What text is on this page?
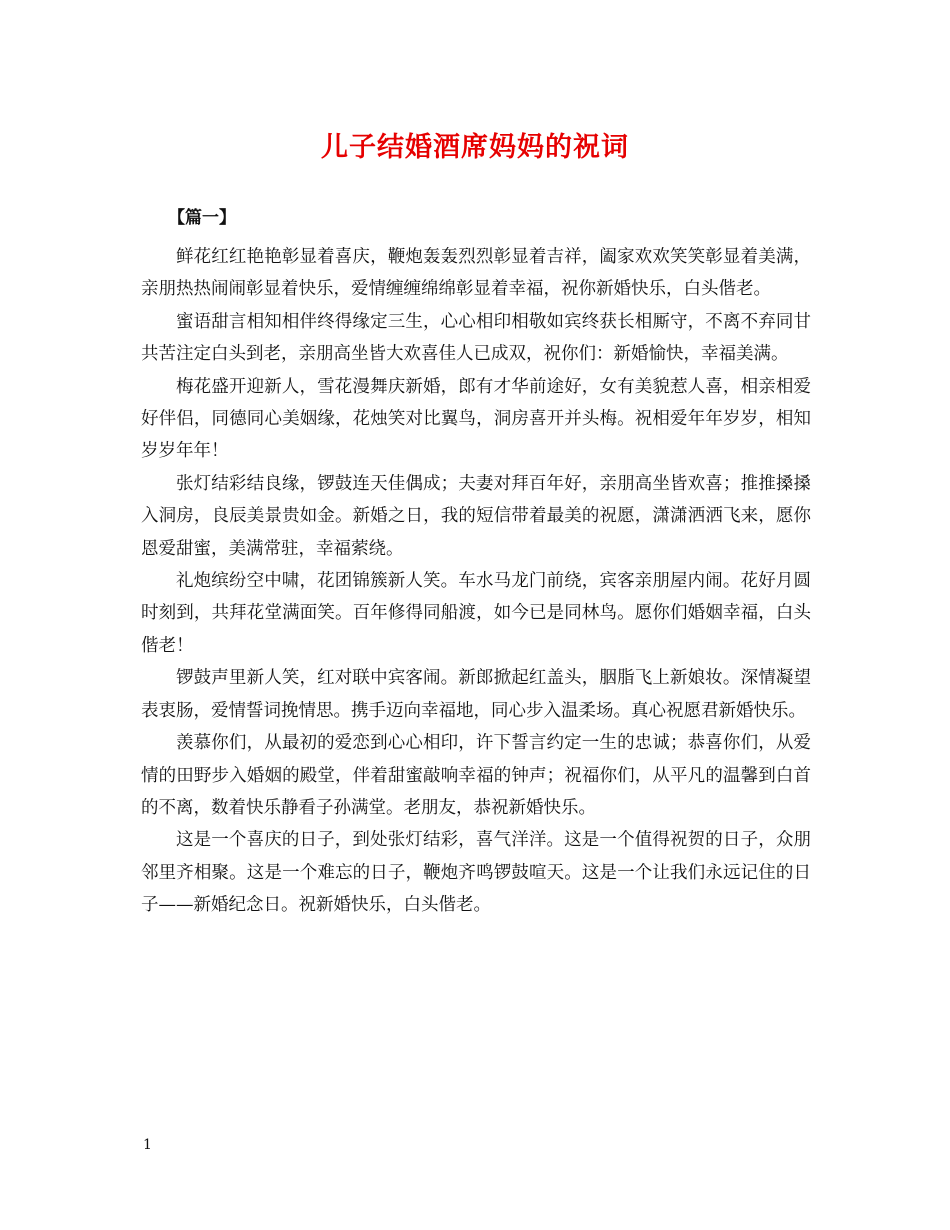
儿子结婚酒席妈妈的祝词
【篇一】

鲜花红红艳艳彰显着喜庆，鞭炮轰轰烈烈彰显着吉祥，阖家欢欢笑笑彰显着美满，亲朋热热闹闹彰显着快乐，爱情缠缠绵绵彰显着幸福，祝你新婚快乐，白头偕老。

蜜语甜言相知相伴终得缘定三生，心心相印相敬如宾终获长相厮守，不离不弃同甘共苦注定白头到老，亲朋高坐皆大欢喜佳人已成双，祝你们：新婚愉快，幸福美满。

梅花盛开迎新人，雪花漫舞庆新婚，郎有才华前途好，女有美貌惹人喜，相亲相爱好伴侣，同德同心美姻缘，花烛笑对比翼鸟，洞房喜开并头梅。祝相爱年年岁岁，相知岁岁年年！

张灯结彩结良缘，锣鼓连天佳偶成；夫妻对拜百年好，亲朋高坐皆欢喜；推推搡搡入洞房，良辰美景贵如金。新婚之日，我的短信带着最美的祝愿，潇潇洒洒飞来，愿你恩爱甜蜜，美满常驻，幸福萦绕。

礼炮缤纷空中啸，花团锦簇新人笑。车水马龙门前绕，宾客亲朋屋内闹。花好月圆时刻到，共拜花堂满面笑。百年修得同船渡，如今已是同林鸟。愿你们婚姻幸福，白头偕老！

锣鼓声里新人笑，红对联中宾客闹。新郎掀起红盖头，胭脂飞上新娘妆。深情凝望表衷肠，爱情誓词挽情思。携手迈向幸福地，同心步入温柔场。真心祝愿君新婚快乐。

羡慕你们，从最初的爱恋到心心相印，许下誓言约定一生的忠诚；恭喜你们，从爱情的田野步入婚姻的殿堂，伴着甜蜜敲响幸福的钟声；祝福你们，从平凡的温馨到白首的不离，数着快乐静看子孙满堂。老朋友，恭祝新婚快乐。

这是一个喜庆的日子，到处张灯结彩，喜气洋洋。这是一个值得祝贺的日子，众朋邻里齐相聚。这是一个难忘的日子，鞭炮齐鸣锣鼓喧天。这是一个让我们永远记住的日子——新婚纪念日。祝新婚快乐，白头偕老。

1
